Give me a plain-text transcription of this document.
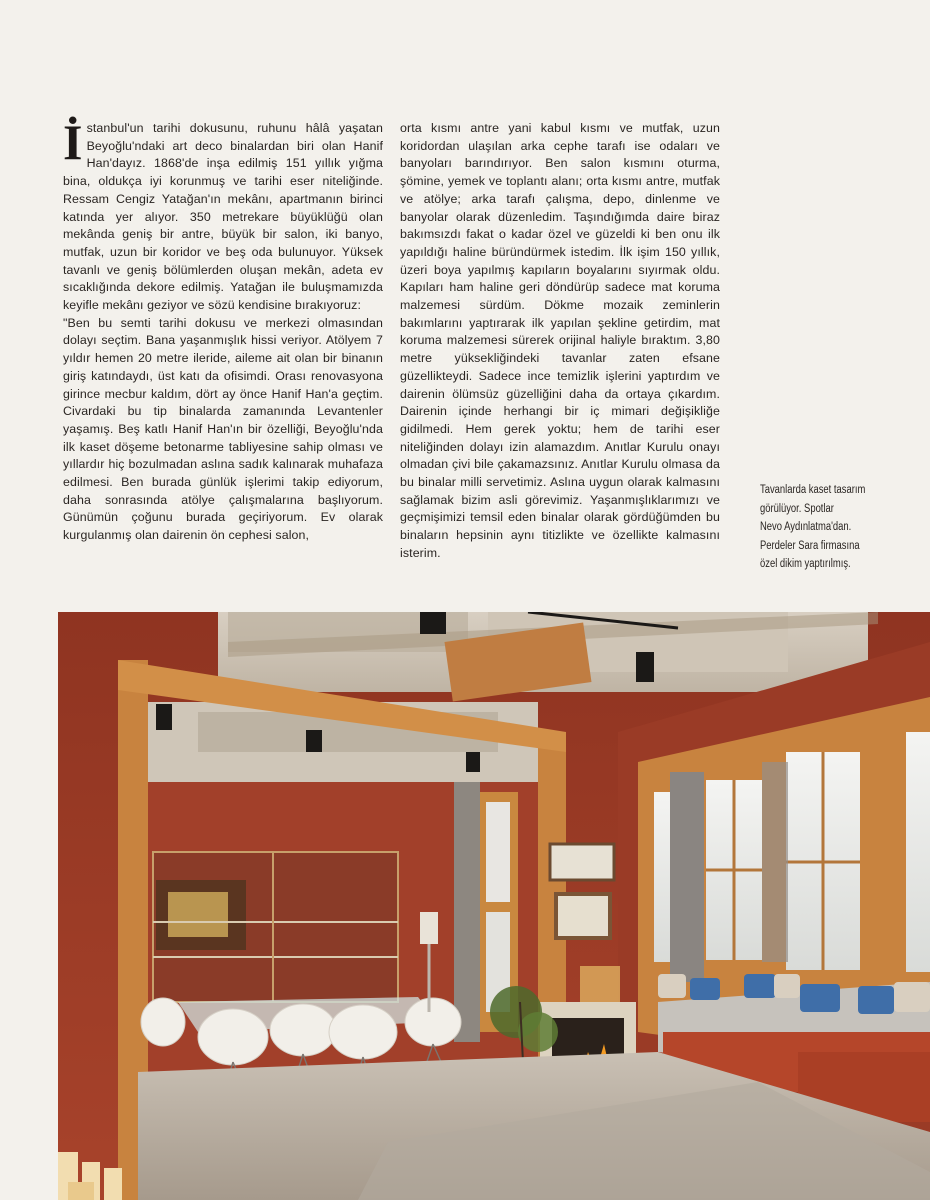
İ stanbul'un tarihi dokusunu, ruhunu hâlâ yaşatan Beyoğlu'ndaki art deco binalardan biri olan Hanif Han'dayız. 1868'de inşa edilmiş 151 yıllık yığma bina, oldukça iyi korunmuş ve tarihi eser niteliğinde. Ressam Cengiz Yatağan'ın mekânı, apartmanın birinci katında yer alıyor. 350 metrekare büyüklüğü olan mekânda geniş bir antre, büyük bir salon, iki banyo, mutfak, uzun bir koridor ve beş oda bulunuyor. Yüksek tavanlı ve geniş bölümlerden oluşan mekân, adeta ev sıcaklığında dekore edilmiş. Yatağan ile buluşmamızda keyifle mekânı geziyor ve sözü kendisine bırakıyoruz:

"Ben bu semti tarihi dokusu ve merkezi olmasından dolayı seçtim. Bana yaşanmışlık hissi veriyor. Atölyem 7 yıldır hemen 20 metre ileride, aileme ait olan bir binanın giriş katındaydı, üst katı da ofisimdi. Orası renovasyona girince mecbur kaldım, dört ay önce Hanif Han'a geçtim. Civardaki bu tip binalarda zamanında Levantenler yaşamış. Beş katlı Hanif Han'ın bir özelliği, Beyoğlu'nda ilk kaset döşeme betonarme tabliyesine sahip olması ve yıllardır hiç bozulmadan aslına sadık kalınarak muhafaza edilmesi. Ben burada günlük işlerimi takip ediyorum, daha sonrasında atölye çalışmalarına başlıyorum. Günümün çoğunu burada geçiriyorum. Ev olarak kurgulanmış olan dairenin ön cephesi salon,

orta kısmı antre yani kabul kısmı ve mutfak, uzun koridordan ulaşılan arka cephe tarafı ise odaları ve banyoları barındırıyor. Ben salon kısmını oturma, şömine, yemek ve toplantı alanı; orta kısmı antre, mutfak ve atölye; arka tarafı çalışma, depo, dinlenme ve banyolar olarak düzenledim. Taşındığımda daire biraz bakımsızdı fakat o kadar özel ve güzeldi ki ben onu ilk yapıldığı haline büründürmek istedim. İlk işim 150 yıllık, üzeri boya yapılmış kapıların boyalarını sıyırmak oldu. Kapıları ham haline geri döndürüp sadece mat koruma malzemesi sürdüm. Dökme mozaik zeminlerin bakımlarını yaptırarak ilk yapılan şekline getirdim, mat koruma malzemesi sürerek orijinal haliyle bıraktım. 3,80 metre yüksekliğindeki tavanlar zaten efsane güzellikteydi. Sadece ince temizlik işlerini yaptırdım ve dairenin ölümsüz güzelliğini daha da ortaya çıkardım. Dairenin içinde herhangi bir iç mimari değişikliğe gidilmedi. Hem gerek yoktu; hem de tarihi eser niteliğinden dolayı izin alamazdım. Anıtlar Kurulu onayı olmadan çivi bile çakamazsınız. Anıtlar Kurulu olmasa da bu binalar milli servetimiz. Aslına uygun olarak kalmasını sağlamak bizim asli görevimiz. Yaşanmışlıklarımızı ve geçmişimizi temsil eden binalar olarak gördüğümden bu binaların hepsinin aynı titizlikte ve özellikte kalmasını isterim.

Tavanlarda kaset tasarım
görülüyor. Spotlar
Nevo Aydınlatma'dan.
Perdeler Sara firmasına
özel dikim yaptırılmış.
